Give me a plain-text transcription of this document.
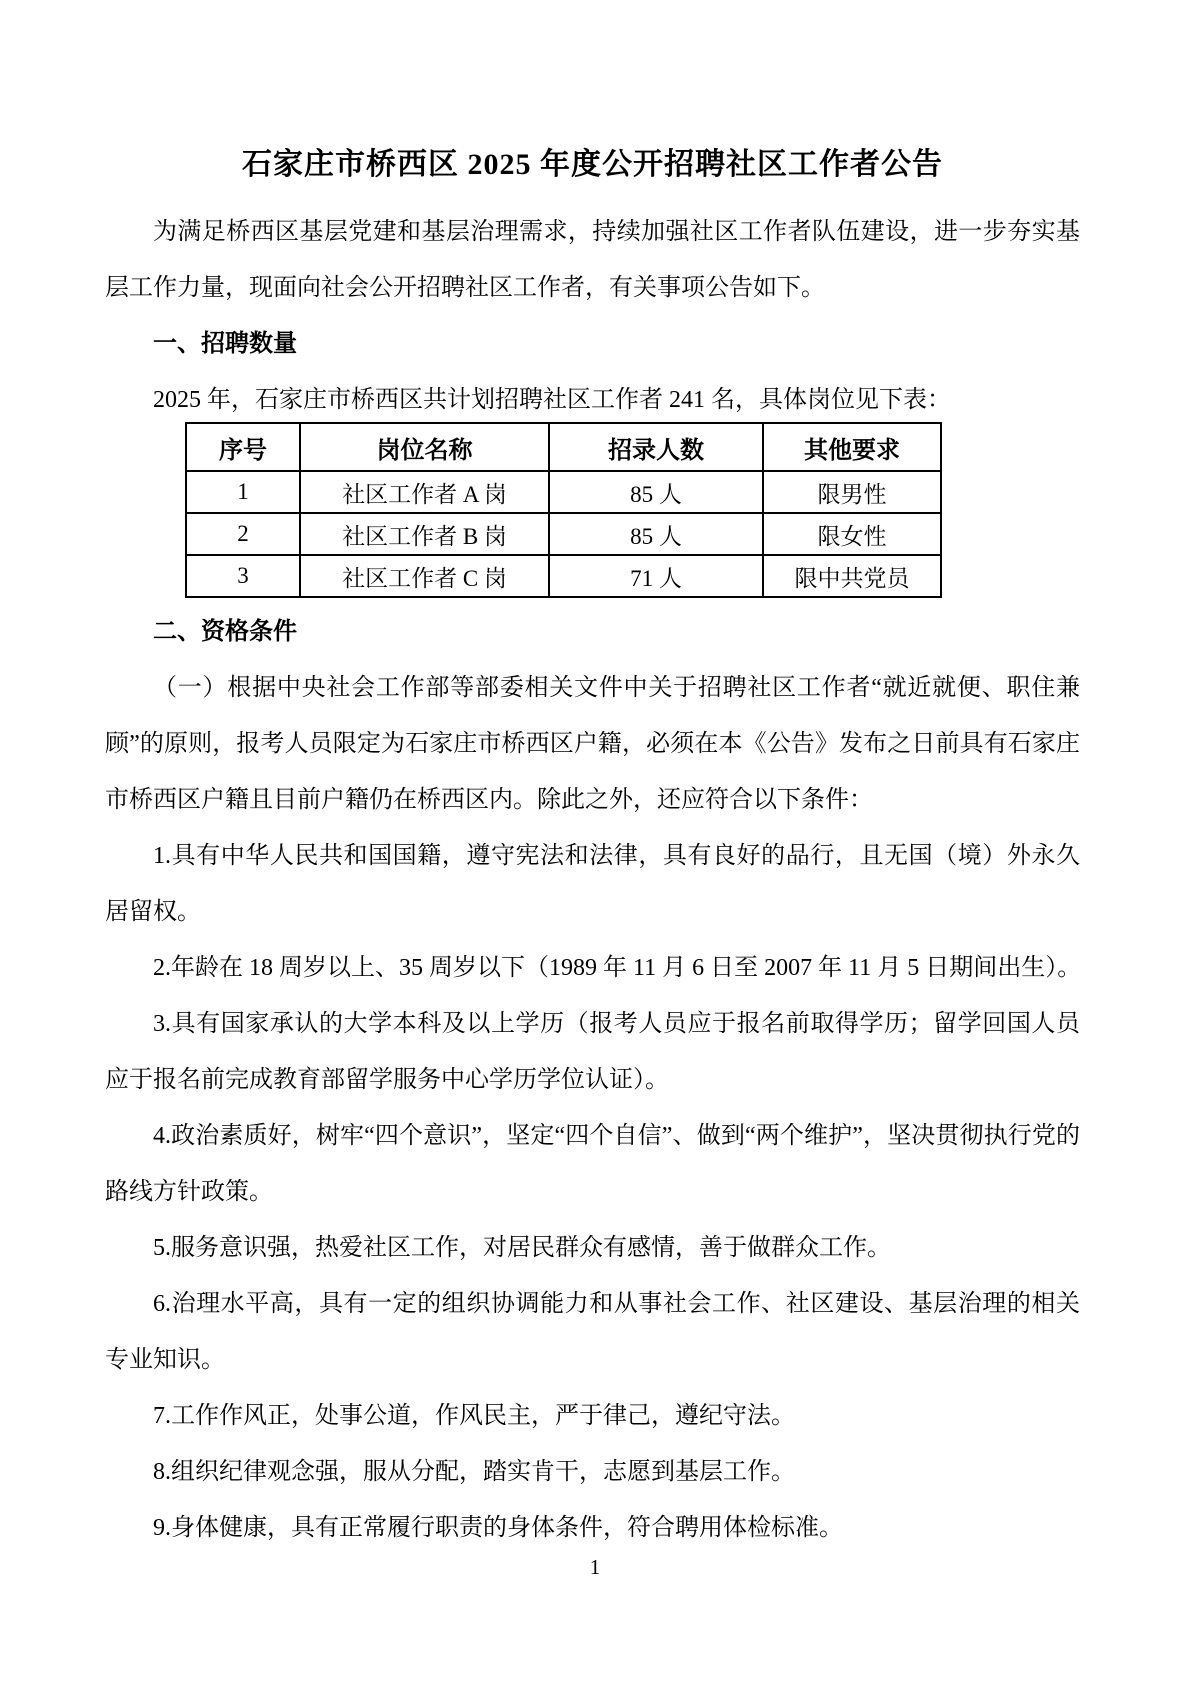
石家庄市桥西区 2025 年度公开招聘社区工作者公告

为满足桥西区基层党建和基层治理需求，持续加强社区工作者队伍建设，进一步夯实基层工作力量，现面向社会公开招聘社区工作者，有关事项公告如下。

一、招聘数量

2025 年，石家庄市桥西区共计划招聘社区工作者 241 名，具体岗位见下表：

序号	岗位名称	招录人数	其他要求
1	社区工作者 A 岗	85 人	限男性
2	社区工作者 B 岗	85 人	限女性
3	社区工作者 C 岗	71 人	限中共党员

二、资格条件

（一）根据中央社会工作部等部委相关文件中关于招聘社区工作者“就近就便、职住兼顾”的原则，报考人员限定为石家庄市桥西区户籍，必须在本《公告》发布之日前具有石家庄市桥西区户籍且目前户籍仍在桥西区内。除此之外，还应符合以下条件：

1.具有中华人民共和国国籍，遵守宪法和法律，具有良好的品行，且无国（境）外永久居留权。

2.年龄在 18 周岁以上、35 周岁以下（1989 年 11 月 6 日至 2007 年 11 月 5 日期间出生）。

3.具有国家承认的大学本科及以上学历（报考人员应于报名前取得学历；留学回国人员应于报名前完成教育部留学服务中心学历学位认证）。

4.政治素质好，树牢“四个意识”，坚定“四个自信”、做到“两个维护”，坚决贯彻执行党的路线方针政策。

5.服务意识强，热爱社区工作，对居民群众有感情，善于做群众工作。

6.治理水平高，具有一定的组织协调能力和从事社会工作、社区建设、基层治理的相关专业知识。

7.工作作风正，处事公道，作风民主，严于律己，遵纪守法。

8.组织纪律观念强，服从分配，踏实肯干，志愿到基层工作。

9.身体健康，具有正常履行职责的身体条件，符合聘用体检标准。

1
